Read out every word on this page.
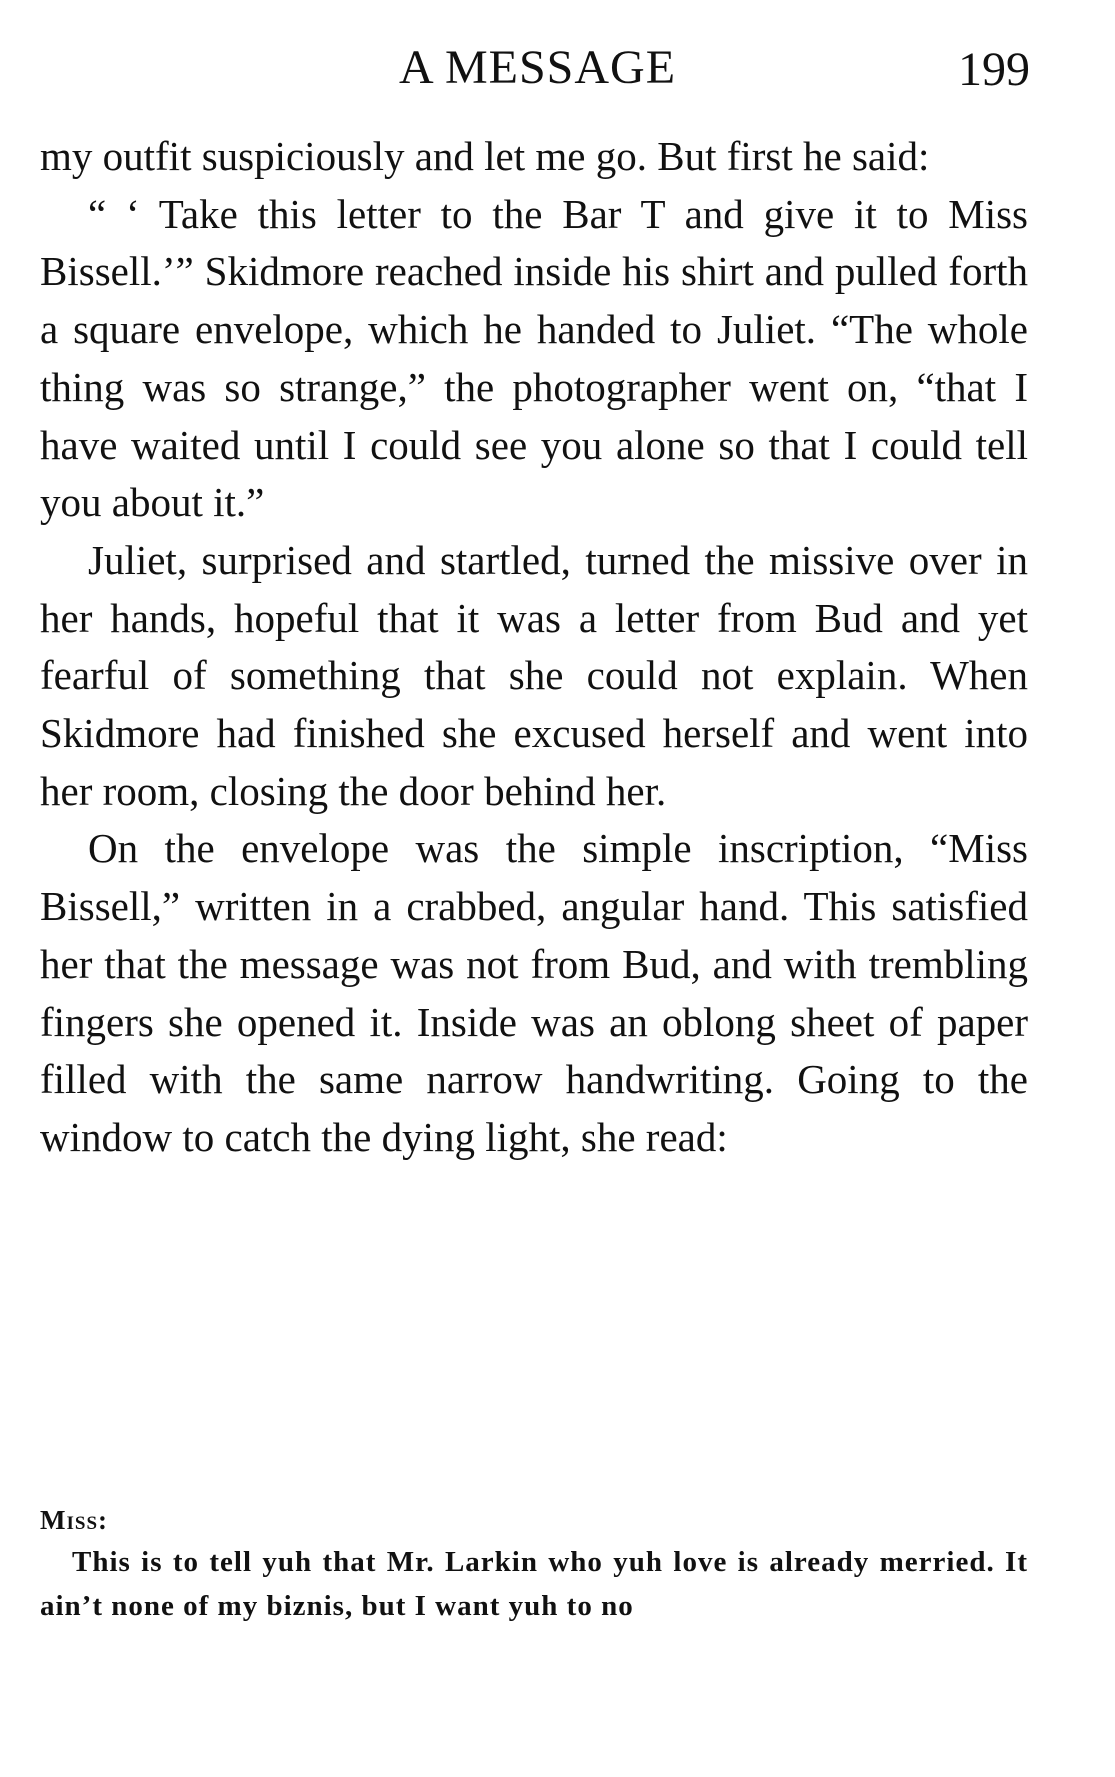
A MESSAGE	199

my outfit suspiciously and let me go. But first he said:

“ ‘ Take this letter to the Bar T and give it to Miss Bissell.’” Skidmore reached inside his shirt and pulled forth a square envelope, which he handed to Juliet. “The whole thing was so strange,” the photographer went on, “that I have waited until I could see you alone so that I could tell you about it.”

Juliet, surprised and startled, turned the missive over in her hands, hopeful that it was a letter from Bud and yet fearful of something that she could not explain. When Skidmore had finished she excused herself and went into her room, closing the door behind her.

On the envelope was the simple inscription, “Miss Bissell,” written in a crabbed, angular hand. This satisfied her that the message was not from Bud, and with trembling fingers she opened it. Inside was an oblong sheet of paper filled with the same narrow handwriting. Going to the window to catch the dying light, she read:

Miss:

This is to tell yuh that Mr. Larkin who yuh love is already merried. It ain’t none of my biznis, but I want yuh to no
